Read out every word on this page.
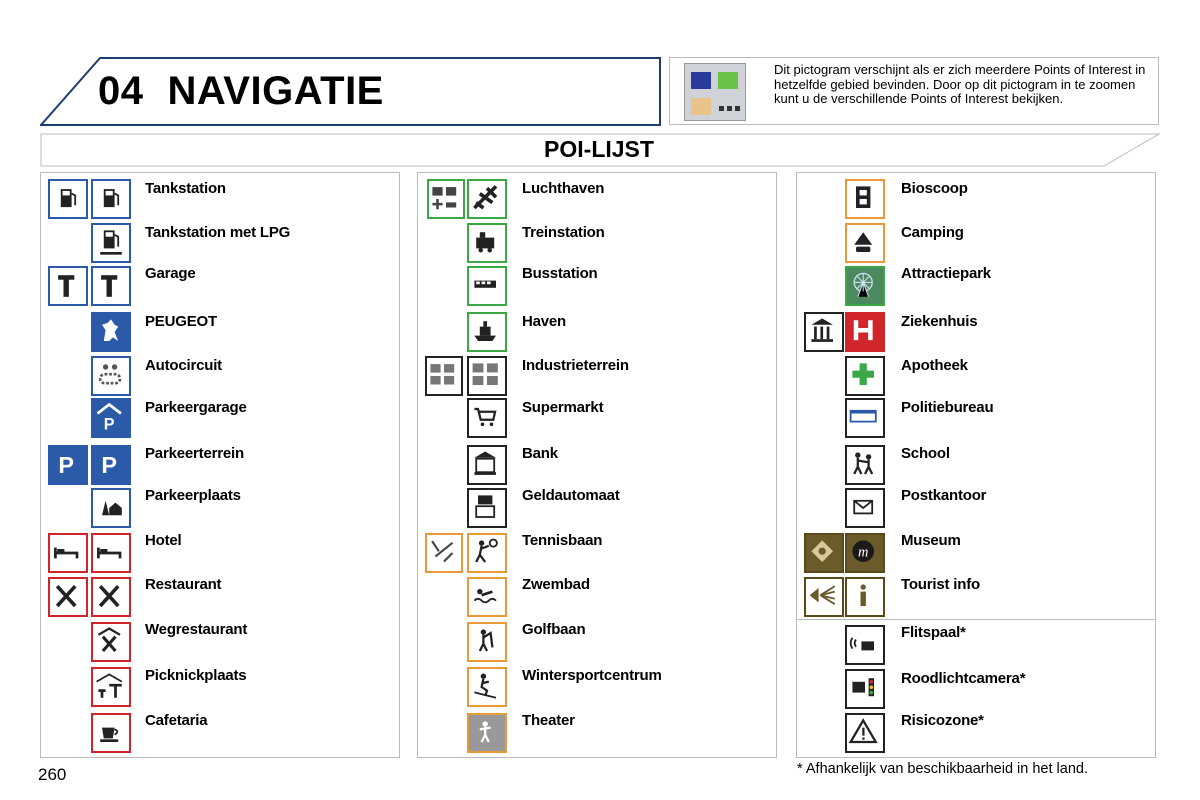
04 NAVIGATIE	Dit pictogram verschijnt als er zich meerdere Points of Interest in hetzelfde gebied bevinden. Door op dit pictogram in te zoomen kunt u de verschillende Points of Interest bekijken.
POI-LIJST
Tankstation
Tankstation met LPG
Garage
PEUGEOT
Autocircuit
P
Parkeergarage
P P Parkeerterrein
Parkeerplaats
Hotel
Restaurant
Wegrestaurant
Picknickplaats
Cafetaria
Luchthaven
Treinstation
Busstation
Haven
Industrieterrein
Supermarkt
Bank
Geldautomaat
Tennisbaan
Zwembad
Golfbaan
Wintersportcentrum
Theater
Bioscoop
Camping
Attractiepark
Ziekenhuis
Apotheek
Politiebureau
School
Postkantoor
m
Museum
Tourist info
Flitspaal*
Roodlichtcamera*
Risicozone*
260	* Afhankelijk van beschikbaarheid in het land.
